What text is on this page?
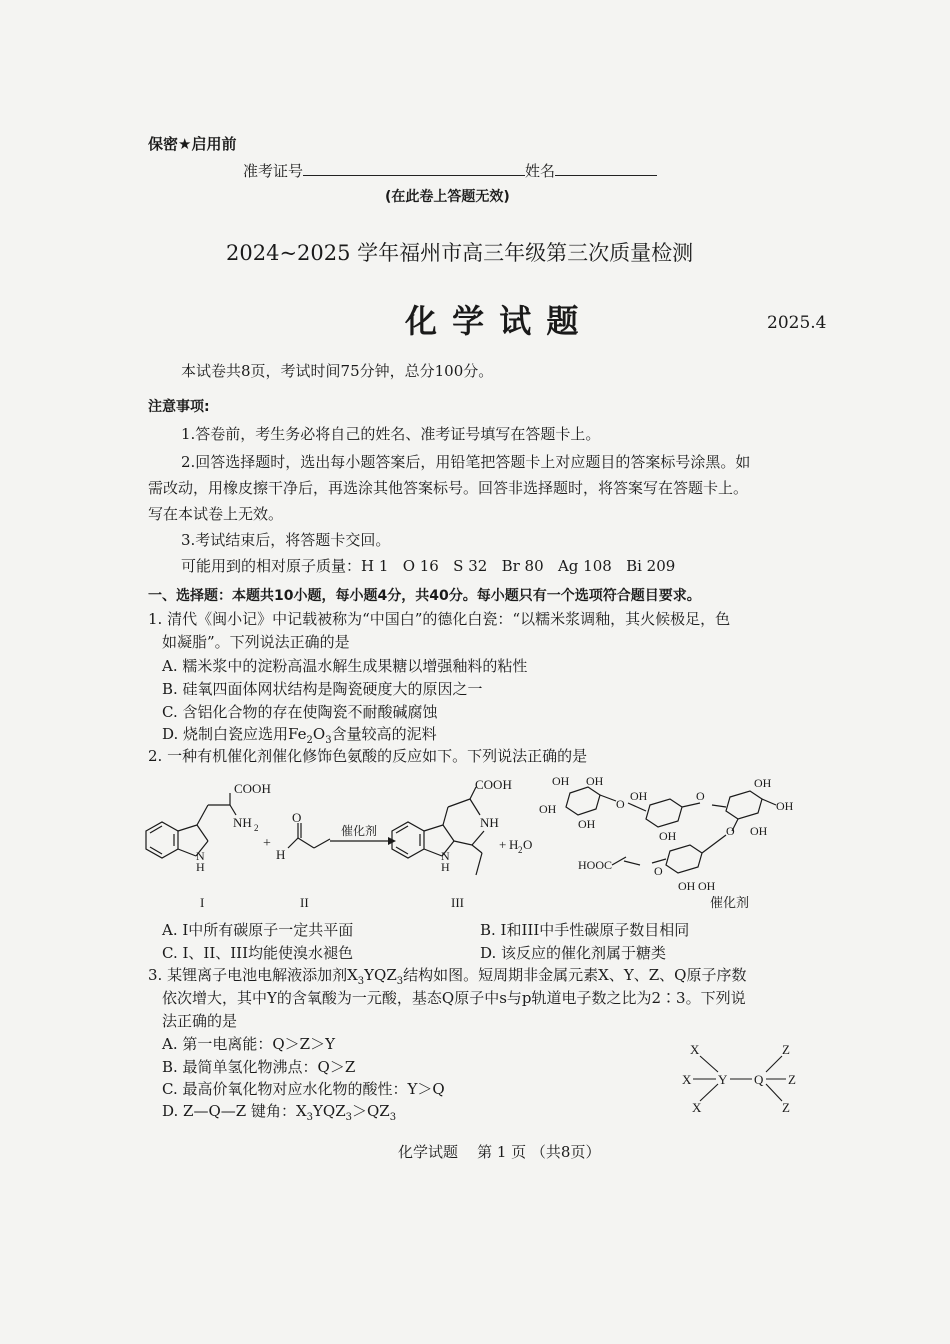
保密★启用前
准考证号	姓名
(在此卷上答题无效)
2024~2025 学年福州市高三年级第三次质量检测
化 学 试 题	2025.4
本试卷共8页，考试时间75分钟，总分100分。
注意事项:
1.答卷前，考生务必将自己的姓名、准考证号填写在答题卡上。
2.回答选择题时，选出每小题答案后，用铅笔把答题卡上对应题目的答案标号涂黑。如
需改动，用橡皮擦干净后，再选涂其他答案标号。回答非选择题时，将答案写在答题卡上。
写在本试卷上无效。
3.考试结束后，将答题卡交回。
可能用到的相对原子质量：H 1   O 16   S 32   Br 80   Ag 108   Bi 209
一、选择题：本题共10小题，每小题4分，共40分。每小题只有一个选项符合题目要求。
1. 清代《闽小记》中记载被称为“中国白”的德化白瓷：“以糯米浆调釉，其火候极足，色
如凝脂”。下列说法正确的是
A. 糯米浆中的淀粉高温水解生成果糖以增强釉料的粘性
B. 硅氧四面体网状结构是陶瓷硬度大的原因之一
C. 含铝化合物的存在使陶瓷不耐酸碱腐蚀
D. 烧制白瓷应选用$Fe_2O_3$含量较高的泥料
2. 一种有机催化剂催化修饰色氨酸的反应如下。下列说法正确的是
COOH
NH 2
N
H
I
+
O
H
II
催化剂
COOH
NH
N
H
III
+ H 2 O
OH OH
OH	O
OH
OH
OH
O
OH
OH
O OH
O
HOOC
OH OH
催化剂
A. I中所有碳原子一定共平面	B. I和III中手性碳原子数目相同
C. I、II、III均能使溴水褪色	D. 该反应的催化剂属于糖类
3. 某锂离子电池电解液添加剂$X_3YQZ_3$结构如图。短周期非金属元素X、Y、Z、Q原子序数
依次增大，其中Y的含氧酸为一元酸，基态Q原子中s与p轨道电子数之比为2∶3。下列说
法正确的是
A. 第一电离能：Q＞Z＞Y
B. 最简单氢化物沸点：Q＞Z
C. 最高价氧化物对应水化物的酸性：Y＞Q
D. Z—Q—Z 键角：$X_3YQZ_3>QZ_3$
X
X
X
Y Q
Z
Z
Z
化学试题    第 1 页 （共8页）
